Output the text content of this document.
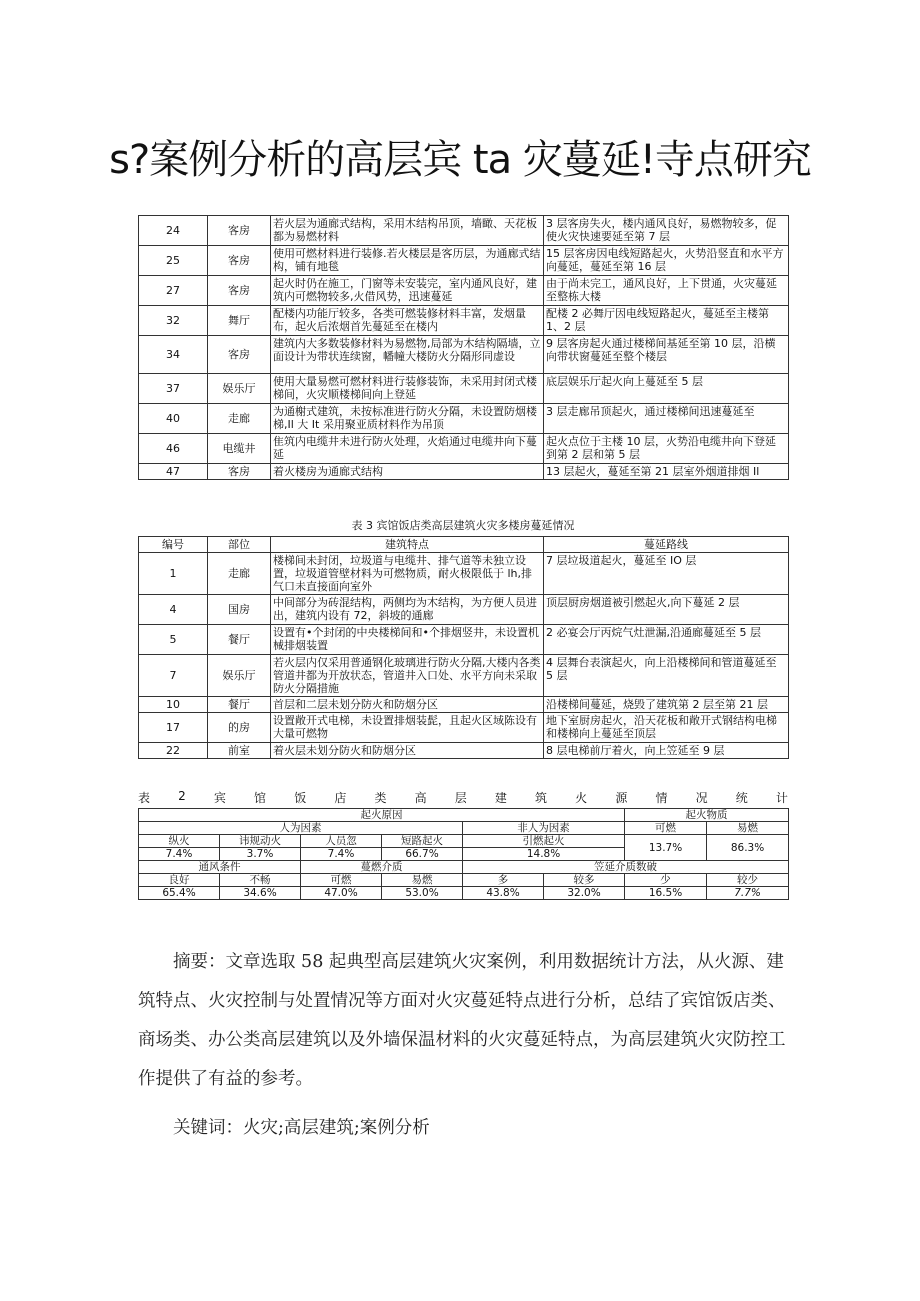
s?案例分析的高层宾 ta 灾蔓延!寺点研究
24	客房	若火层为通廊式结构，采用木结构吊顶，墙瞰、天花板都为易燃材料	3 层客房失火，楼内通风良好，易燃物较多，促使火灾快速要延至第 7 层
25	客房	使用可燃材料进行装修.若火楼层是客历层，为通廊式结构，铺有地毯	15 层客房因电线短路起火，火势沿竖直和水平方向蔓延，蔓延至第 16 层
27	客房	起火时仍在施工，门窗等未安装完，室内通风良好，建筑内可燃物较多,火借风势，迅速蔓延	由于尚未完工，通风良好，上下贯通，火灾蔓延至整栋大楼
32	舞厅	配楼内功能厅较多，各类可燃装修材料丰富，发烟量布，起火后浓烟首先蔓延至在楼内	配楼 2 必舞厅因电线短路起火，蔓延至主楼第 1、2 层
34	客房	建筑内大多数装修材料为易燃物,局部为木结构隔墙，立面设计为带状连续窗，幡幢大楼防火分隔形同虚设	9 层客房起火通过楼梯间基延至第 10 层，沿横向带状窗蔓延至整个楼层
37	娱乐厅	使用大量易燃可燃材料进行装修装饰，未采用封闭式楼梯间，火灾顺楼梯间向上登延	底层娱乐厅起火向上蔓延至 5 层
40	走廊	为通榭式建筑，未按标准进行防火分隔，未设置防烟楼梯,Il 大 It 采用聚亚质材料作为吊顶	3 层走廊吊顶起火，通过楼梯间迅速蔓延至
46	电缆井	隹筑内电缆井未进行防火处理，火焰通过电缆井向下蔓延	起火点位于主楼 10 层，火势沿电缆井向下登延到第 2 层和第 5 层
47	客房	着火楼房为通廊式结构	13 层起火，蔓延至第 21 层室外烟道排烟 Il
表 3 宾馆饭店类高层建筑火灾多楼房蔓延情况
编号	部位	建筑特点	蔓延路线
1	走廊	楼梯间未封闭，垃圾道与电缆井、排气道等未独立设置，垃圾道管壁材料为可燃物质，耐火极限低于 lh,排气口未直接面向室外	7 层垃圾道起火，蔓延至 IO 层
4	国房	中间部分为砖混结构，两侧均为木结构，为方便人员进出，建筑内设有 72，斜坡的通廊	顶层厨房烟道被引燃起火,向下蔓延 2 层
5	餐厅	设置有•个封闭的中央楼梯间和•个排烟竖井，未设置机械排烟装置	2 必宴会厅丙烷气灶泄漏,沿通廊蔓延至 5 层
7	娱乐厅	若火层内仅采用普通钢化玻璃进行防火分隔,大楼内各类管道井都为开放状态，管道井入口处、水平方向未采取防火分隔措施	4 层舞台表演起火，向上沿楼梯间和管道蔓延至 5 层
10	餐厅	首层和二层未划分防火和防烟分区	沿楼梯间蔓延，烧毁了建筑第 2 层至第 21 层
17	的房	设置敞开式电梯，未设置排烟装髭，且起火区域陈设有大量可燃物	地下室厨房起火，沿天花板和敞开式钢结构电梯和楼梯向上蔓延至顶层
22	前室	着火层未划分防火和防烟分区	8 层电梯前厅着火，向上笠延至 9 层
表 2 宾 馆 饭 店 类 高 层 建 筑 火 源 情 况 统 计
起火原因						起火物质	
人为因素				非人为因素		可燃	易燃
纵火	讳规动火	人员忽	短路起火	引燃起火		13.7%	86.3%
7.4%	3.7%	7.4%	66.7%	14.8%			
通风条件		蔓燃介质		笠延介质数破			
良好	不畅	可燃	易燃	多	较多	少	较少
65.4%	34.6%	47.0%	53.0%	43.8%	32.0%	16.5%	7.7%
摘要：文章选取 58 起典型高层建筑火灾案例，利用数据统计方法，从火源、建筑特点、火灾控制与处置情况等方面对火灾蔓延特点进行分析，总结了宾馆饭店类、商场类、办公类高层建筑以及外墙保温材料的火灾蔓延特点，为高层建筑火灾防控工作提供了有益的参考。
关键词：火灾;高层建筑;案例分析
